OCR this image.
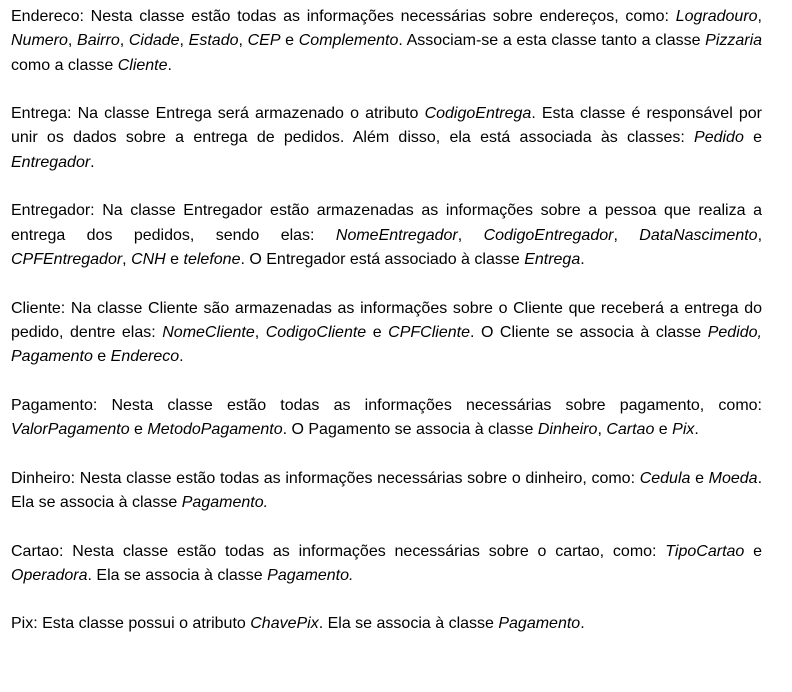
Endereco: Nesta classe estão todas as informações necessárias sobre endereços, como: Logradouro, Numero, Bairro, Cidade, Estado, CEP e Complemento. Associam-se a esta classe tanto a classe Pizzaria como a classe Cliente.

Entrega: Na classe Entrega será armazenado o atributo CodigoEntrega. Esta classe é responsável por unir os dados sobre a entrega de pedidos. Além disso, ela está associada às classes: Pedido e Entregador.

Entregador: Na classe Entregador estão armazenadas as informações sobre a pessoa que realiza a entrega dos pedidos, sendo elas: NomeEntregador, CodigoEntregador, DataNascimento, CPFEntregador, CNH e telefone. O Entregador está associado à classe Entrega.

Cliente: Na classe Cliente são armazenadas as informações sobre o Cliente que receberá a entrega do pedido, dentre elas: NomeCliente, CodigoCliente e CPFCliente. O Cliente se associa à classe Pedido, Pagamento e Endereco.

Pagamento: Nesta classe estão todas as informações necessárias sobre pagamento, como: ValorPagamento e MetodoPagamento. O Pagamento se associa à classe Dinheiro, Cartao e Pix.

Dinheiro: Nesta classe estão todas as informações necessárias sobre o dinheiro, como: Cedula e Moeda. Ela se associa à classe Pagamento.

Cartao: Nesta classe estão todas as informações necessárias sobre o cartao, como: TipoCartao e Operadora. Ela se associa à classe Pagamento.

Pix: Esta classe possui o atributo ChavePix. Ela se associa à classe Pagamento.
